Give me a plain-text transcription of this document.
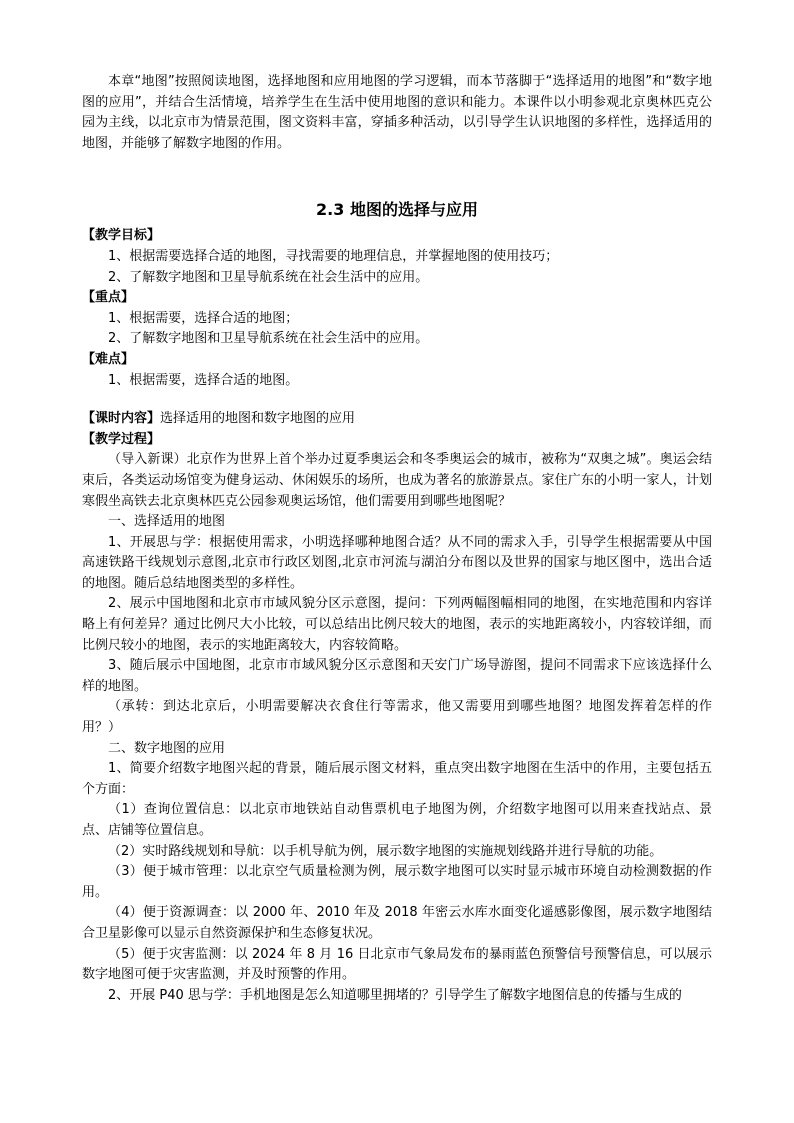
本章“地图”按照阅读地图，选择地图和应用地图的学习逻辑，而本节落脚于“选择适用的地图”和“数字地图的应用”，并结合生活情境，培养学生在生活中使用地图的意识和能力。本课件以小明参观北京奥林匹克公园为主线，以北京市为情景范围，图文资料丰富，穿插多种活动，以引导学生认识地图的多样性，选择适用的地图，并能够了解数字地图的作用。

2.3 地图的选择与应用

【教学目标】

1、根据需要选择合适的地图，寻找需要的地理信息，并掌握地图的使用技巧；

2、了解数字地图和卫星导航系统在社会生活中的应用。

【重点】

1、根据需要，选择合适的地图；

2、了解数字地图和卫星导航系统在社会生活中的应用。

【难点】

1、根据需要，选择合适的地图。

【课时内容】选择适用的地图和数字地图的应用

【教学过程】

（导入新课）北京作为世界上首个举办过夏季奥运会和冬季奥运会的城市，被称为“双奥之城”。奥运会结束后，各类运动场馆变为健身运动、休闲娱乐的场所，也成为著名的旅游景点。家住广东的小明一家人，计划寒假坐高铁去北京奥林匹克公园参观奥运场馆，他们需要用到哪些地图呢？

一、选择适用的地图

1、开展思与学：根据使用需求，小明选择哪种地图合适？从不同的需求入手，引导学生根据需要从中国高速铁路干线规划示意图,北京市行政区划图,北京市河流与湖泊分布图以及世界的国家与地区图中，选出合适的地图。随后总结地图类型的多样性。

2、展示中国地图和北京市市域风貌分区示意图，提问：下列两幅图幅相同的地图，在实地范围和内容详略上有何差异？通过比例尺大小比较，可以总结出比例尺较大的地图，表示的实地距离较小，内容较详细，而比例尺较小的地图，表示的实地距离较大，内容较简略。

3、随后展示中国地图，北京市市域风貌分区示意图和天安门广场导游图，提问不同需求下应该选择什么样的地图。

（承转：到达北京后，小明需要解决衣食住行等需求，他又需要用到哪些地图？地图发挥着怎样的作用？）

二、数字地图的应用

1、简要介绍数字地图兴起的背景，随后展示图文材料，重点突出数字地图在生活中的作用，主要包括五个方面：

（1）查询位置信息：以北京市地铁站自动售票机电子地图为例，介绍数字地图可以用来查找站点、景点、店铺等位置信息。

（2）实时路线规划和导航：以手机导航为例，展示数字地图的实施规划线路并进行导航的功能。

（3）便于城市管理：以北京空气质量检测为例，展示数字地图可以实时显示城市环境自动检测数据的作用。

（4）便于资源调查：以 2000 年、2010 年及 2018 年密云水库水面变化遥感影像图，展示数字地图结合卫星影像可以显示自然资源保护和生态修复状况。

（5）便于灾害监测：以 2024 年 8 月 16 日北京市气象局发布的暴雨蓝色预警信号预警信息，可以展示数字地图可便于灾害监测，并及时预警的作用。

2、开展 P40 思与学：手机地图是怎么知道哪里拥堵的？引导学生了解数字地图信息的传播与生成的
